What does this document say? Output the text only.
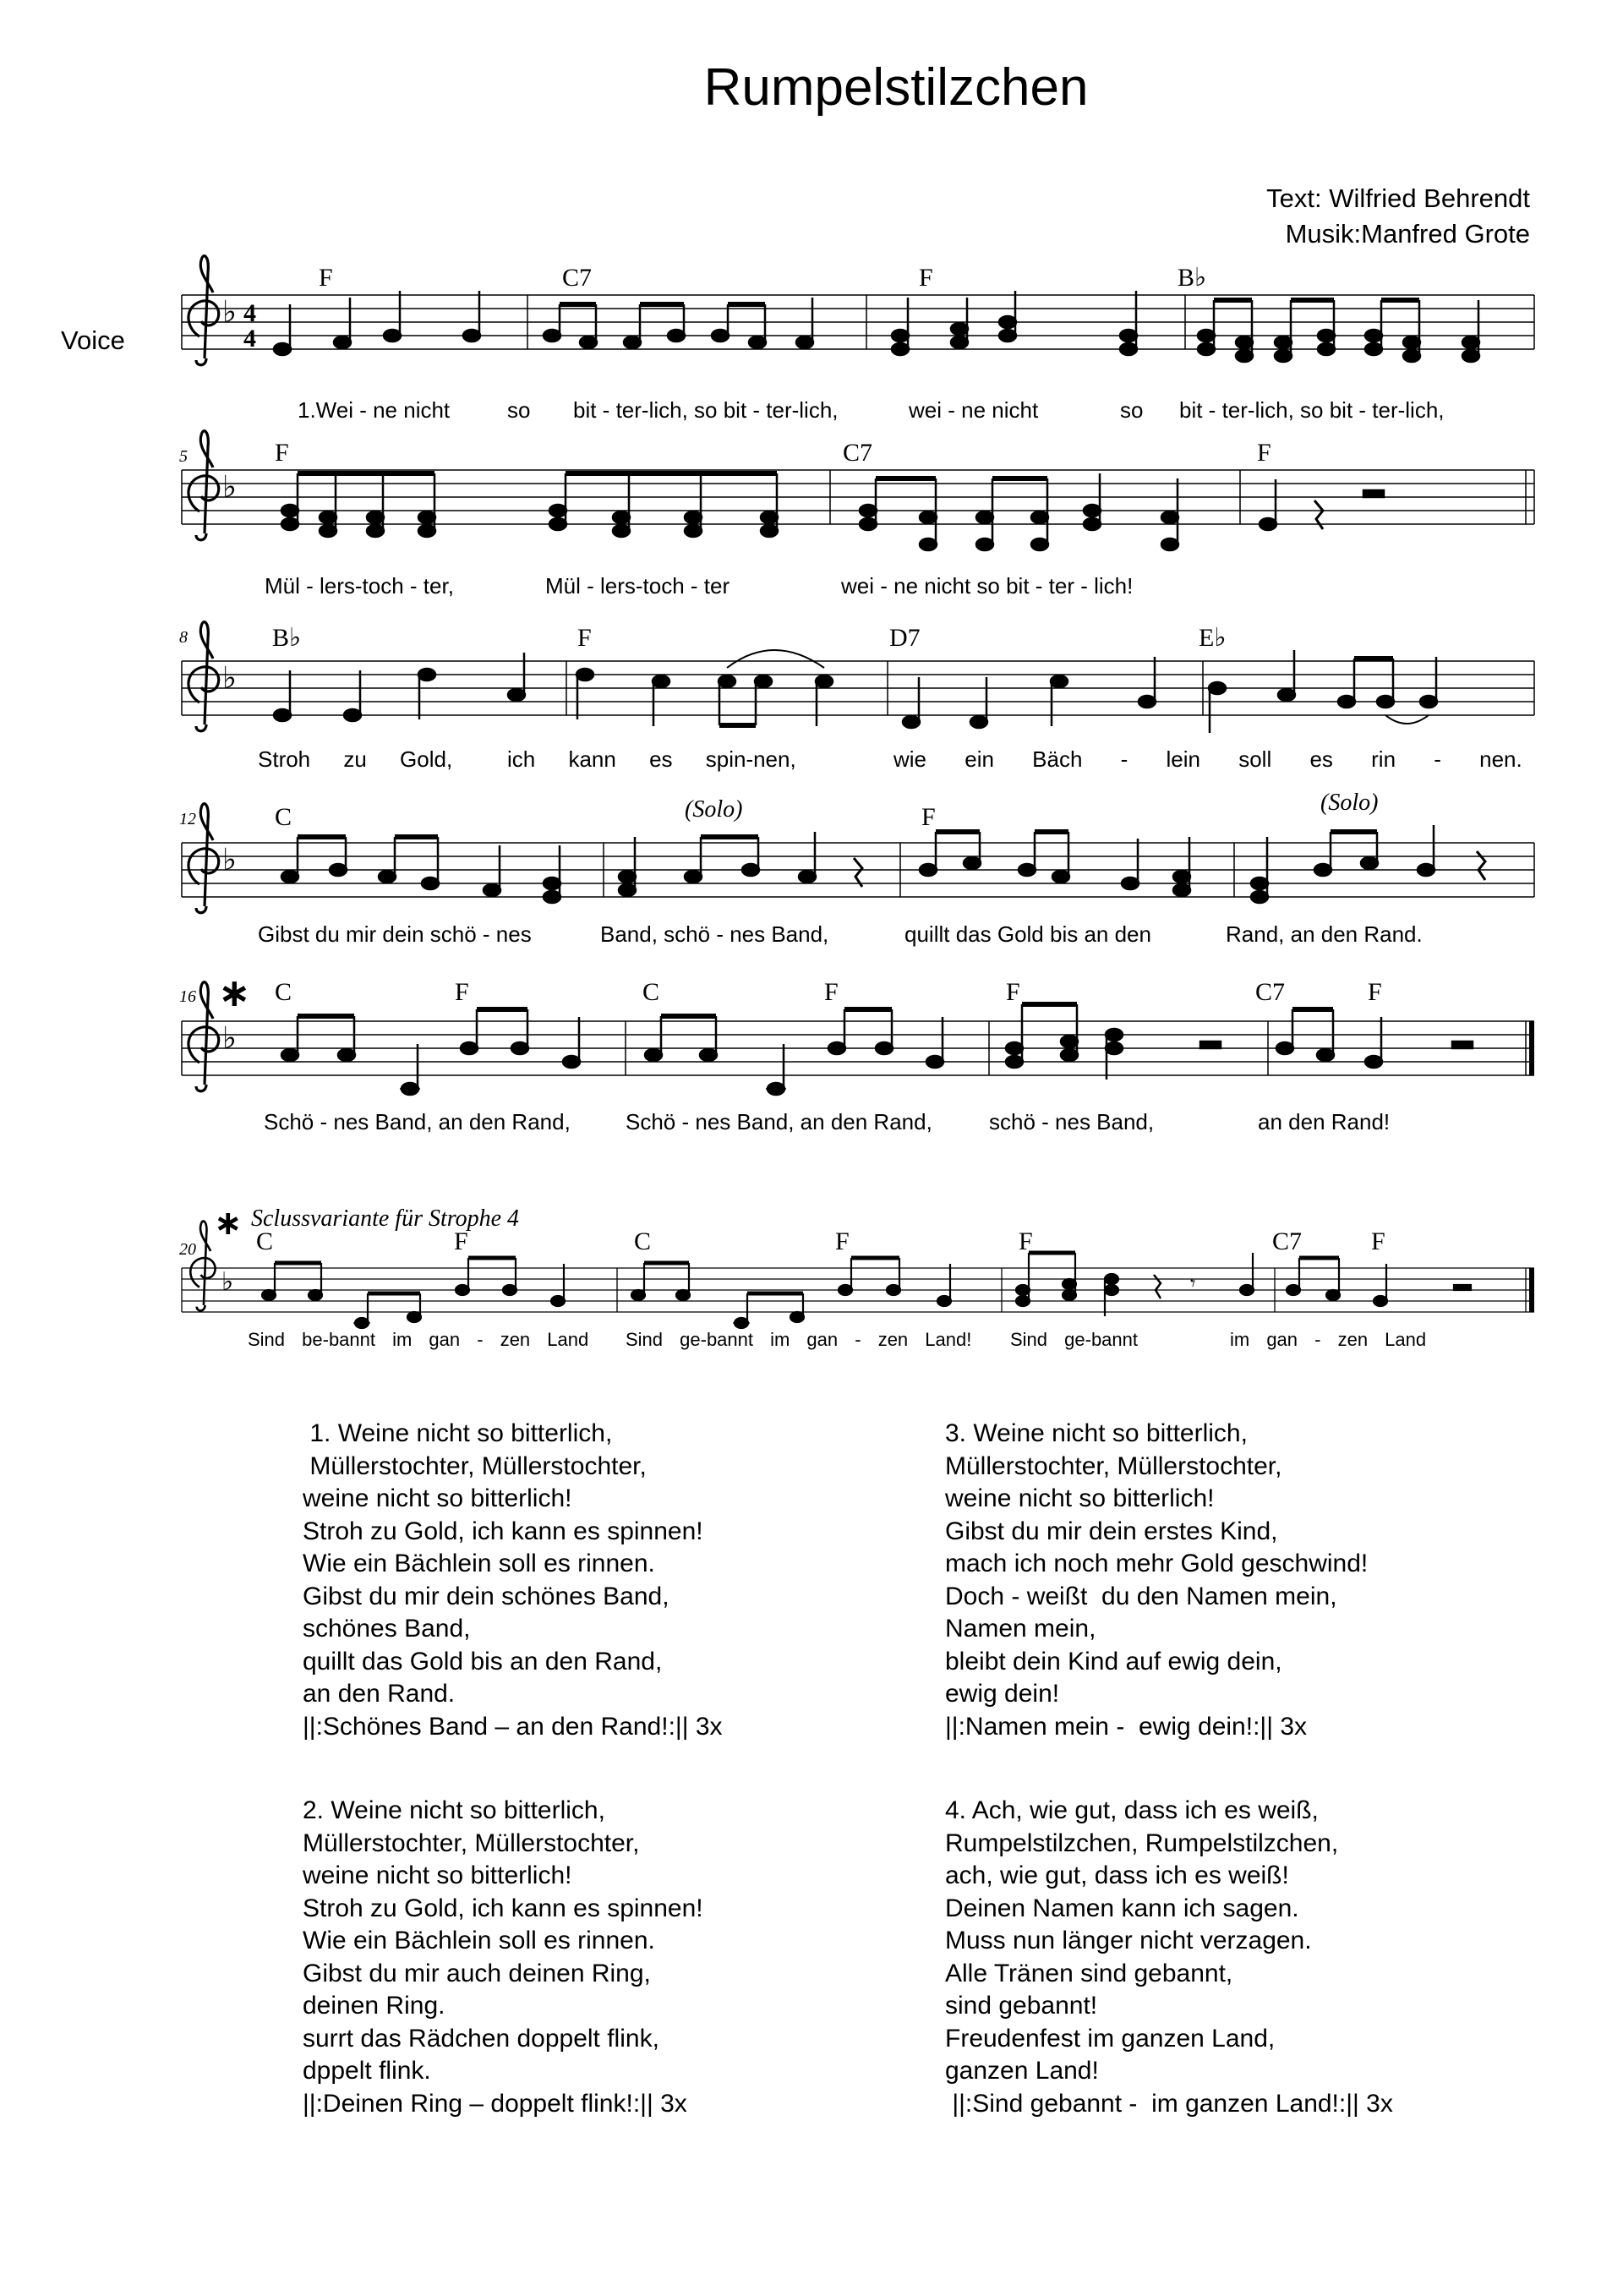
Rumpelstilzchen
Text: Wilfried Behrendt
Musik:Manfred Grote
Voice
♭ 4
4
F	C7	F	B♭
1.Wei - ne nicht	so bit - ter-lich, so bit - ter-lich,	wei - ne nicht	so bit - ter-lich, so bit - ter-lich,
5
♭
F	C7	F
Mül - lers-toch - ter,	Mül - lers-toch - ter	wei - ne nicht so bit - ter - lich!
8
♭
B♭	F	D7	E♭
Stroh zu Gold, ich kann es spin-nen,	wie ein Bäch - lein soll es rin - nen.
12
♭
C	F
(Solo)	(Solo)
Gibst du mir dein schö - nes	Band, schö - nes Band,	quillt das Gold bis an den	Rand, an den Rand.
16 ∗
♭
C	F	C	F	F	C7	F
Schö - nes Band, an den Rand,	Schö - nes Band, an den Rand,	schö - nes Band,	an den Rand!
∗ Sclussvariante für Strophe 4
20
♭	𝄾
C	F	C	F	F	C7	F
Sind be-bannt im gan - zen Land Sind ge-bannt im gan - zen Land! Sind ge-bannt	im gan - zen Land
1. Weine nicht so bitterlich,
Müllerstochter, Müllerstochter,
weine nicht so bitterlich!
Stroh zu Gold, ich kann es spinnen!
Wie ein Bächlein soll es rinnen.
Gibst du mir dein schönes Band,
schönes Band,
quillt das Gold bis an den Rand,
an den Rand.
||:Schönes Band – an den Rand!:|| 3x
2. Weine nicht so bitterlich,
Müllerstochter, Müllerstochter,
weine nicht so bitterlich!
Stroh zu Gold, ich kann es spinnen!
Wie ein Bächlein soll es rinnen.
Gibst du mir auch deinen Ring,
deinen Ring.
surrt das Rädchen doppelt flink,
dppelt flink.
||:Deinen Ring – doppelt flink!:|| 3x
3. Weine nicht so bitterlich,
Müllerstochter, Müllerstochter,
weine nicht so bitterlich!
Gibst du mir dein erstes Kind,
mach ich noch mehr Gold geschwind!
Doch - weißt  du den Namen mein,
Namen mein,
bleibt dein Kind auf ewig dein,
ewig dein!
||:Namen mein -  ewig dein!:|| 3x
4. Ach, wie gut, dass ich es weiß,
Rumpelstilzchen, Rumpelstilzchen,
ach, wie gut, dass ich es weiß!
Deinen Namen kann ich sagen.
Muss nun länger nicht verzagen.
Alle Tränen sind gebannt,
sind gebannt!
Freudenfest im ganzen Land,
ganzen Land!
||:Sind gebannt -  im ganzen Land!:|| 3x
